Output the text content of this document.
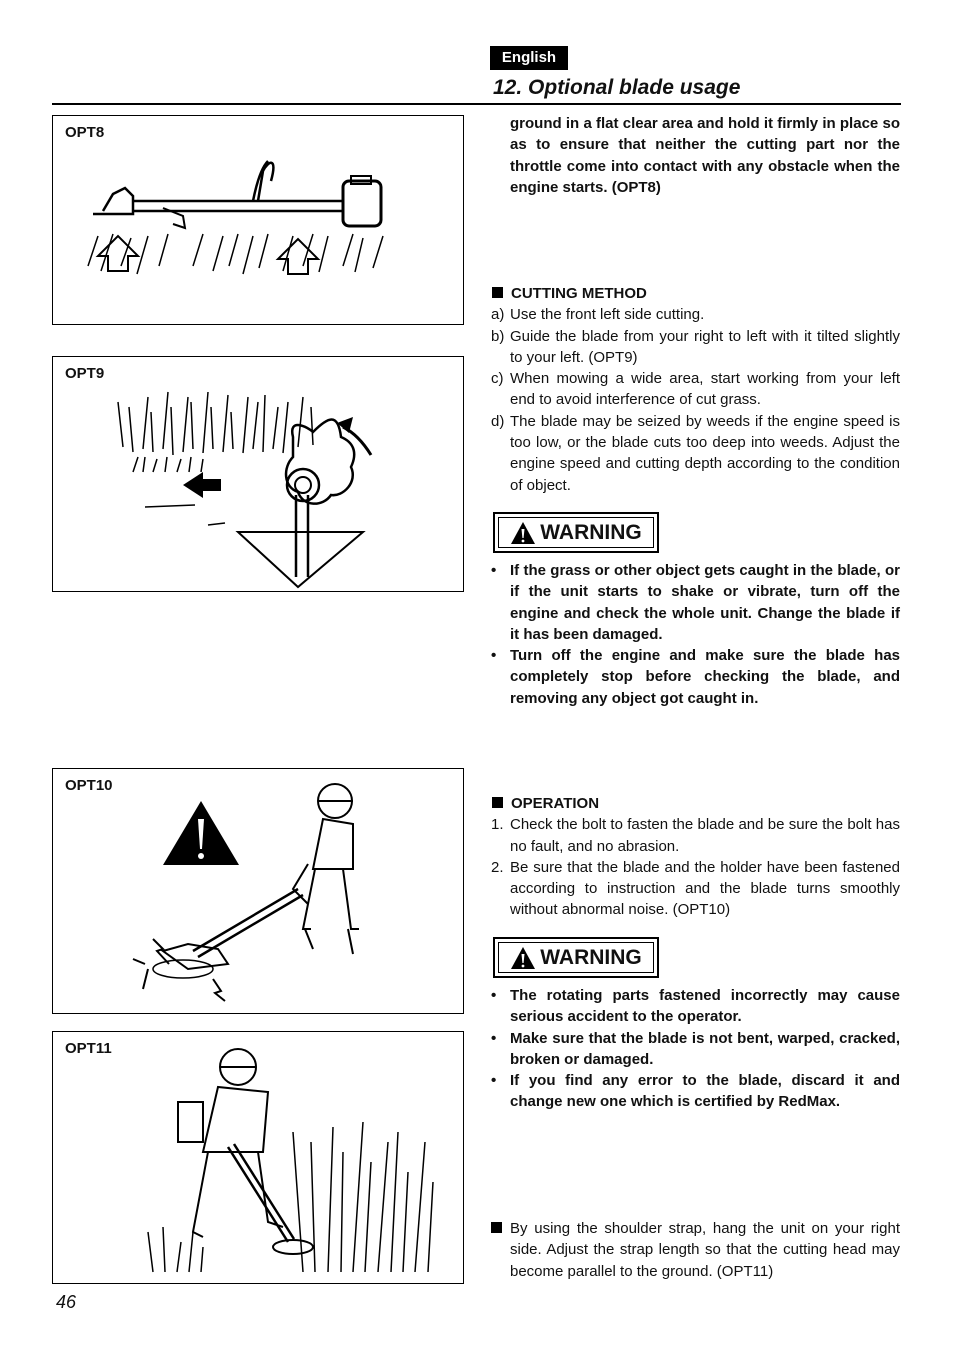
English
12. Optional blade usage
OPT8
OPT9
OPT10
OPT11
ground in a flat clear area and hold it firmly in place so as to ensure that neither the cutting part nor the throttle come into contact with any obstacle when the engine starts. (OPT8)
CUTTING METHOD
a) Use the front left side cutting.
b) Guide the blade from your right to left with it tilted slightly to your left. (OPT9)
c) When mowing a wide area, start working from your left end to avoid interference of cut grass.
d) The blade may be seized by weeds if the engine speed is too low, or the blade cuts too deep into weeds. Adjust the engine speed and cutting depth according to the condition of object.
WARNING
• If the grass or other object gets caught in the blade, or if the unit starts to shake or vibrate, turn off the engine and check the whole unit. Change the blade if it has been damaged.
• Turn off the engine and make sure the blade has completely stop before checking the blade, and removing any object got caught in.
OPERATION
1. Check the bolt to fasten the blade and be sure the bolt has no fault, and no abrasion.
2. Be sure that the blade and the holder have been fastened according to instruction and the blade turns smoothly without abnormal noise. (OPT10)
WARNING
• The rotating parts fastened incorrectly may cause serious accident to the operator.
• Make sure that the blade is not bent, warped, cracked, broken or damaged.
• If you find any error to the blade, discard it and change new one which is certified by RedMax.
By using the shoulder strap, hang the unit on your right side. Adjust the strap length so that the cutting head may become parallel to the ground. (OPT11)
46
